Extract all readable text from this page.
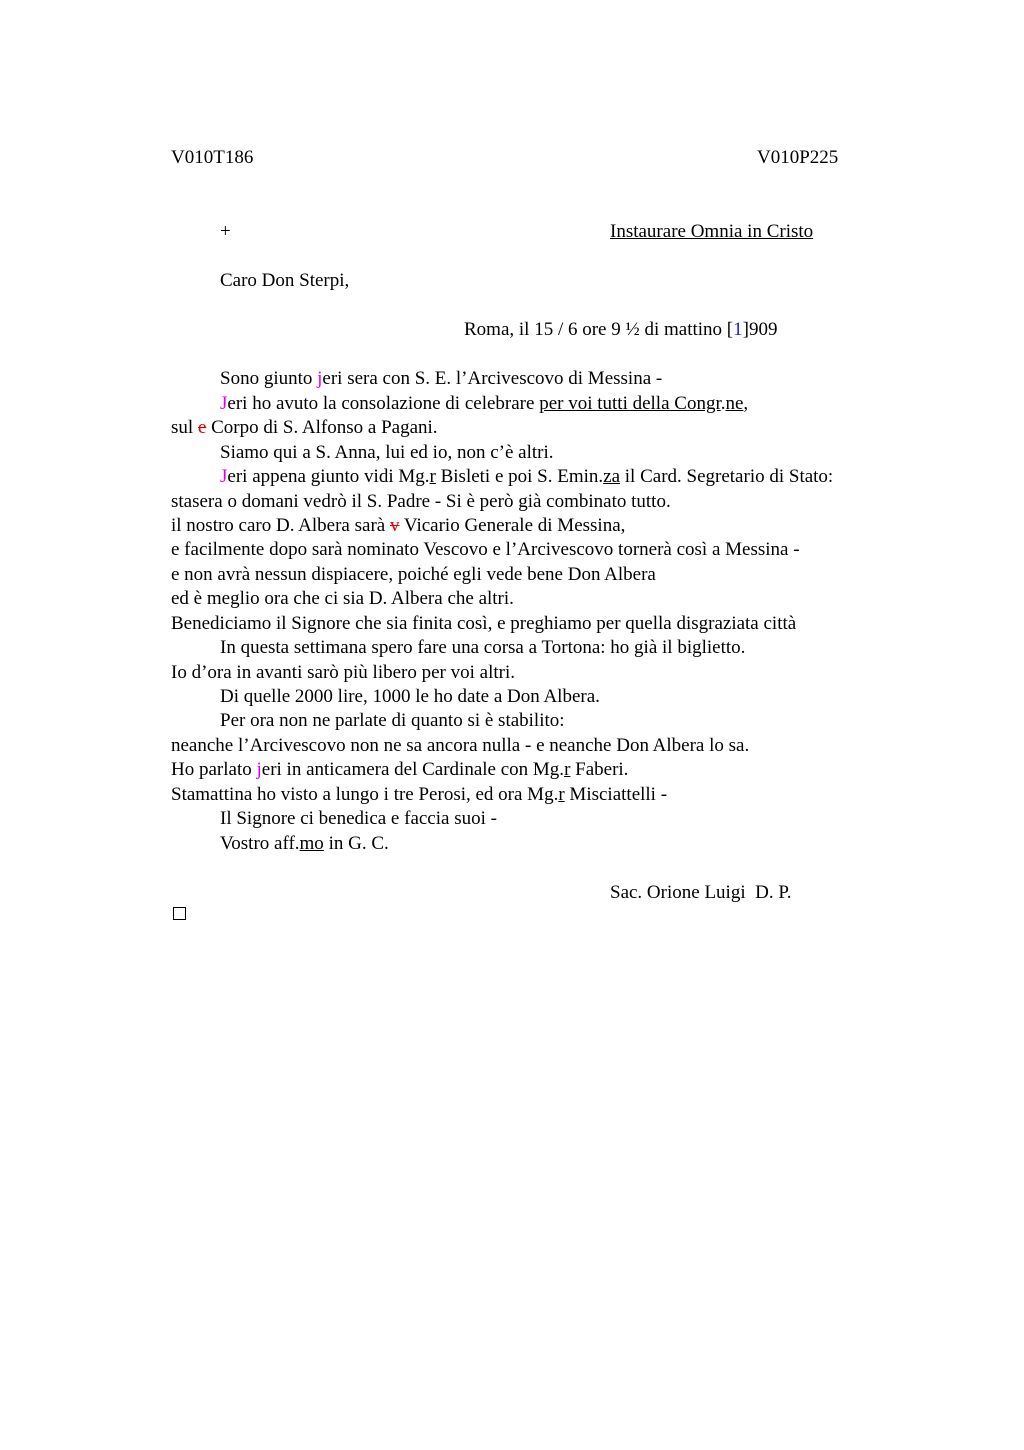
V010T186	V010P225
+	Instaurare Omnia in Cristo
Caro Don Sterpi,
Roma, il 15 / 6 ore 9 ½ di mattino [1]909
Sono giunto jeri sera con S. E. l’Arcivescovo di Messina -
Jeri ho avuto la consolazione di celebrare per voi tutti della Congr.ne,
sul e Corpo di S. Alfonso a Pagani.
Siamo qui a S. Anna, lui ed io, non c’è altri.
Jeri appena giunto vidi Mg.r Bisleti e poi S. Emin.za il Card. Segretario di Stato:
stasera o domani vedrò il S. Padre - Si è però già combinato tutto.
il nostro caro D. Albera sarà v Vicario Generale di Messina,
e facilmente dopo sarà nominato Vescovo e l’Arcivescovo tornerà così a Messina -
e non avrà nessun dispiacere, poiché egli vede bene Don Albera
ed è meglio ora che ci sia D. Albera che altri.
Benediciamo il Signore che sia finita così, e preghiamo per quella disgraziata città
In questa settimana spero fare una corsa a Tortona: ho già il biglietto.
Io d’ora in avanti sarò più libero per voi altri.
Di quelle 2000 lire, 1000 le ho date a Don Albera.
Per ora non ne parlate di quanto si è stabilito:
neanche l’Arcivescovo non ne sa ancora nulla - e neanche Don Albera lo sa.
Ho parlato jeri in anticamera del Cardinale con Mg.r Faberi.
Stamattina ho visto a lungo i tre Perosi, ed ora Mg.r Misciattelli -
Il Signore ci benedica e faccia suoi -
Vostro aff.mo in G. C.
Sac. Orione Luigi  D. P.
